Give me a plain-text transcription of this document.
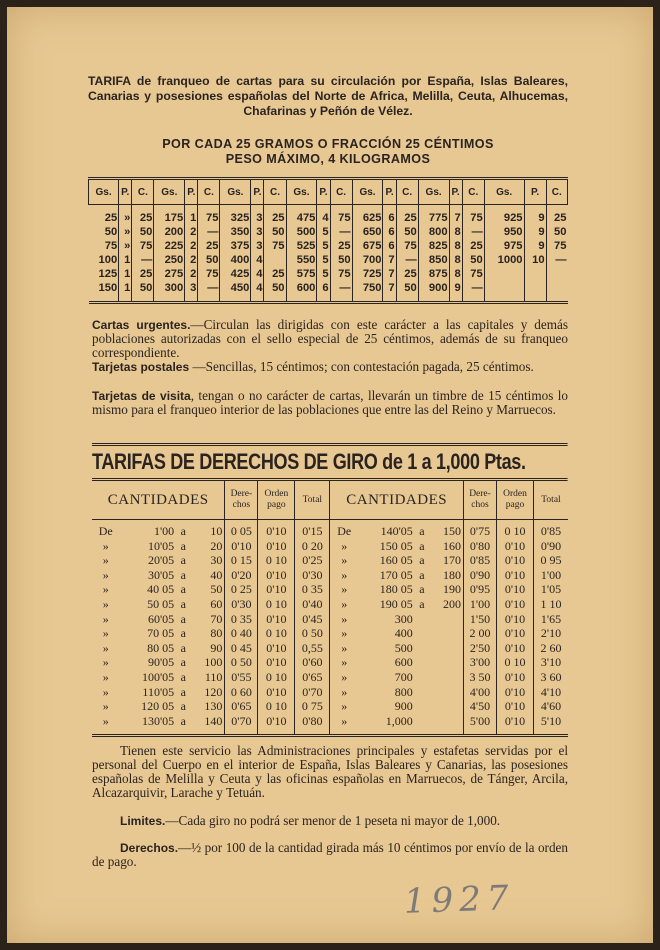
TARIFA de franqueo de cartas para su circulación por España, Islas Baleares, Canarias y posesiones españolas del Norte de Africa, Melilla, Ceuta, Alhucemas, Chafarinas y Peñón de Vélez.
POR CADA 25 GRAMOS O FRACCIÓN 25 CÉNTIMOS
PESO MÁXIMO, 4 KILOGRAMOS
Gs.	P.	C.	Gs.	P.	C.	Gs.	P.	C.	Gs.	P.	C.	Gs.	P.	C.	Gs.	P.	C.	Gs.	P.	C.
25	»	25	175	1	75	325	3	25	475	4	75	625	6	25	775	7	75	925	9	25
50	»	50	200	2	—	350	3	50	500	5	—	650	6	50	800	8	—	950	9	50
75	»	75	225	2	25	375	3	75	525	5	25	675	6	75	825	8	25	975	9	75
100	1	—	250	2	50	400	4		550	5	50	700	7	—	850	8	50	1000	10	—
125	1	25	275	2	75	425	4	25	575	5	75	725	7	25	875	8	75			
150	1	50	300	3	—	450	4	50	600	6	—	750	7	50	900	9	—			
Cartas urgentes.—Circulan las dirigidas con este carácter a las capitales y demás poblaciones autorizadas con el sello especial de 25 céntimos, además de su franqueo correspondiente.
Tarjetas postales —Sencillas, 15 céntimos; con contestación pagada, 25 céntimos.
Tarjetas de visita, tengan o no carácter de cartas, llevarán un timbre de 15 céntimos lo mismo para el franqueo interior de las poblaciones que entre las del Reino y Marruecos.
TARIFAS DE DERECHOS DE GIRO de 1 a 1,000 Ptas.
CANTIDADES				Dere- chos	Orden pago	Total	CANTIDADES				Dere- chos	Orden pago	Total
De	1'00	a	10	0 05	0'10	0'15	De	140'05	a	150	0'75	0 10	0'85
»	10'05	a	20	0'10	0'10	0 20	»	150 05	a	160	0'80	0'10	0'90
»	20'05	a	30	0 15	0 10	0'25	»	160 05	a	170	0'85	0'10	0 95
»	30'05	a	40	0'20	0'10	0'30	»	170 05	a	180	0'90	0'10	1'00
»	40 05	a	50	0 25	0'10	0 35	»	180 05	a	190	0'95	0'10	1'05
»	50 05	a	60	0'30	0 10	0'40	»	190 05	a	200	1'00	0'10	1 10
»	60'05	a	70	0 35	0'10	0'45	»	300			1'50	0'10	1'65
»	70 05	a	80	0 40	0 10	0 50	»	400			2 00	0'10	2'10
»	80 05	a	90	0 45	0'10	0,55	»	500			2'50	0'10	2 60
»	90'05	a	100	0 50	0'10	0'60	»	600			3'00	0 10	3'10
»	100'05	a	110	0'55	0 10	0'65	»	700			3 50	0'10	3 60
»	110'05	a	120	0 60	0'10	0'70	»	800			4'00	0'10	4'10
»	120 05	a	130	0'65	0 10	0 75	»	900			4'50	0'10	4'60
»	130'05	a	140	0'70	0'10	0'80	»	1,000			5'00	0'10	5'10
Tienen este servicio las Administraciones principales y estafetas servidas por el personal del Cuerpo en el interior de España, Islas Baleares y Canarias, las posesiones españolas de Melilla y Ceuta y las oficinas españolas en Marruecos, de Tánger, Arcila, Alcazarquivir, Larache y Tetuán.
Limites.—Cada giro no podrá ser menor de 1 peseta ni mayor de 1,000.
Derechos.—½ por 100 de la cantidad girada más 10 céntimos por envío de la orden de pago.
1927
